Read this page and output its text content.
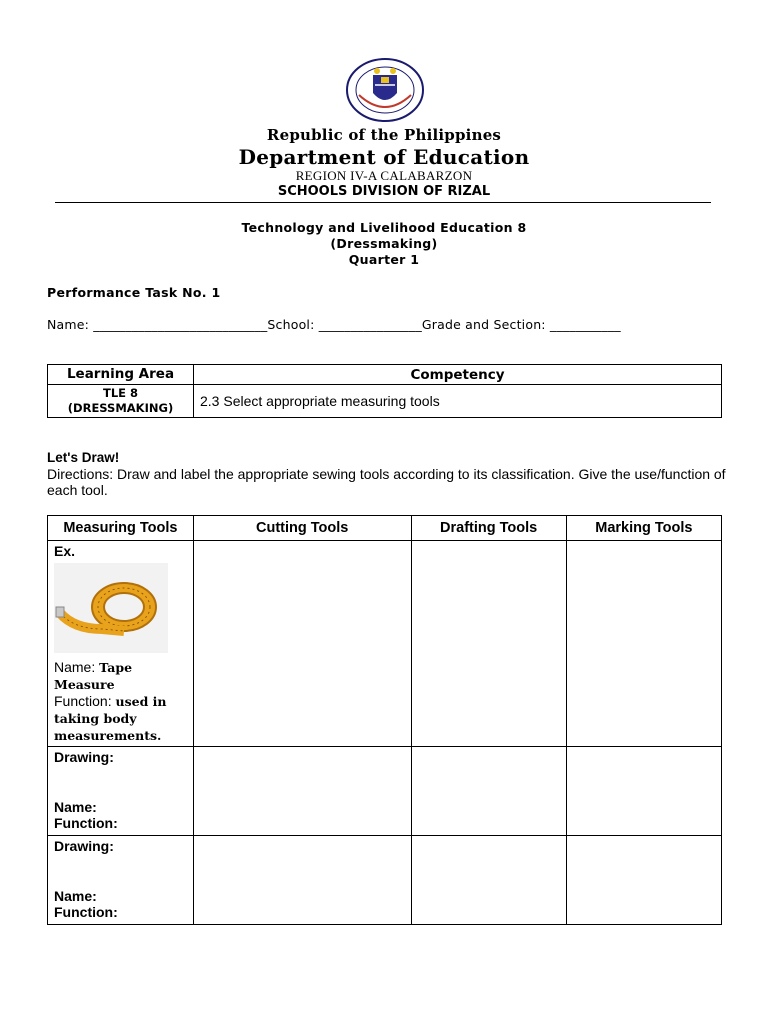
Republic of the Philippines
Department of Education
REGION IV-A CALABARZON
SCHOOLS DIVISION OF RIZAL
Technology and Livelihood Education 8
(Dressmaking)
Quarter 1
Performance Task No. 1
Name: ___________________________School: ________________Grade and Section: ___________
Learning Area	Competency

TLE 8
(DRESSMAKING)	2.3 Select appropriate measuring tools
Let's Draw!
Directions: Draw and label the appropriate sewing tools according to its classification. Give the use/function of each tool.
Measuring Tools	Cutting Tools	Drafting Tools	Marking Tools

Ex.
Name: Tape Measure
Function: used in taking body measurements.			

Drawing:
Name:
Function:			

Drawing:
Name:
Function:			
